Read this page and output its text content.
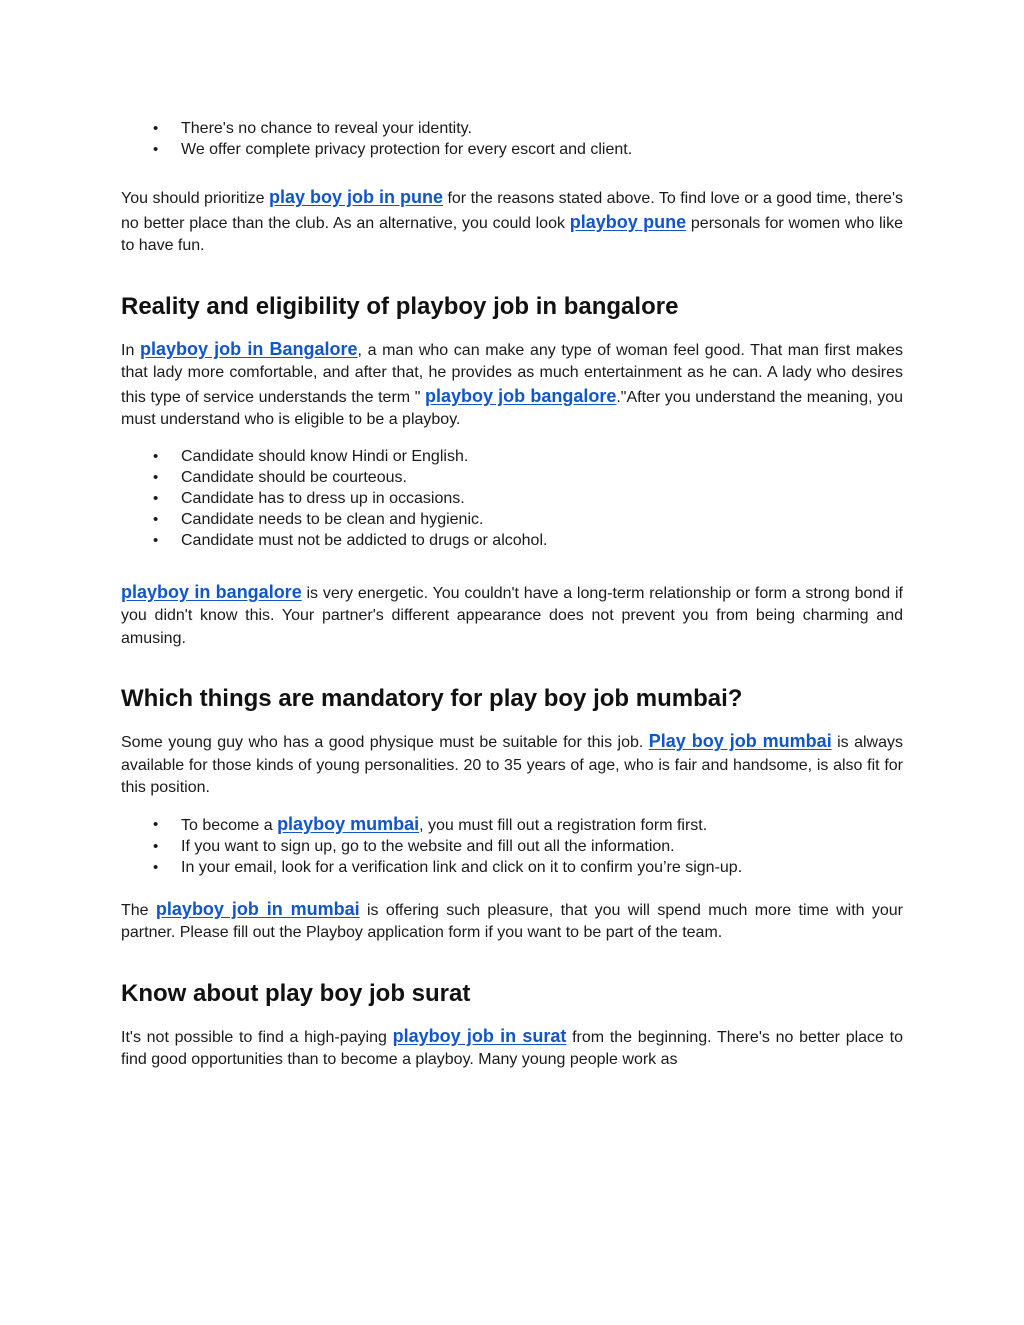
• There's no chance to reveal your identity.
• We offer complete privacy protection for every escort and client.

You should prioritize play boy job in pune for the reasons stated above. To find love or a good time, there's no better place than the club. As an alternative, you could look playboy pune personals for women who like to have fun.

Reality and eligibility of playboy job in bangalore

In playboy job in Bangalore, a man who can make any type of woman feel good. That man first makes that lady more comfortable, and after that, he provides as much entertainment as he can. A lady who desires this type of service understands the term " playboy job bangalore."After you understand the meaning, you must understand who is eligible to be a playboy.

• Candidate should know Hindi or English.
• Candidate should be courteous.
• Candidate has to dress up in occasions.
• Candidate needs to be clean and hygienic.
• Candidate must not be addicted to drugs or alcohol.

playboy in bangalore is very energetic. You couldn't have a long-term relationship or form a strong bond if you didn't know this. Your partner's different appearance does not prevent you from being charming and amusing.

Which things are mandatory for play boy job mumbai?

Some young guy who has a good physique must be suitable for this job. Play boy job mumbai is always available for those kinds of young personalities. 20 to 35 years of age, who is fair and handsome, is also fit for this position.

• To become a playboy mumbai, you must fill out a registration form first.
• If you want to sign up, go to the website and fill out all the information.
• In your email, look for a verification link and click on it to confirm you’re sign-up.

The playboy job in mumbai is offering such pleasure, that you will spend much more time with your partner. Please fill out the Playboy application form if you want to be part of the team.

Know about play boy job surat

It's not possible to find a high-paying playboy job in surat from the beginning. There's no better place to find good opportunities than to become a playboy. Many young people work as
